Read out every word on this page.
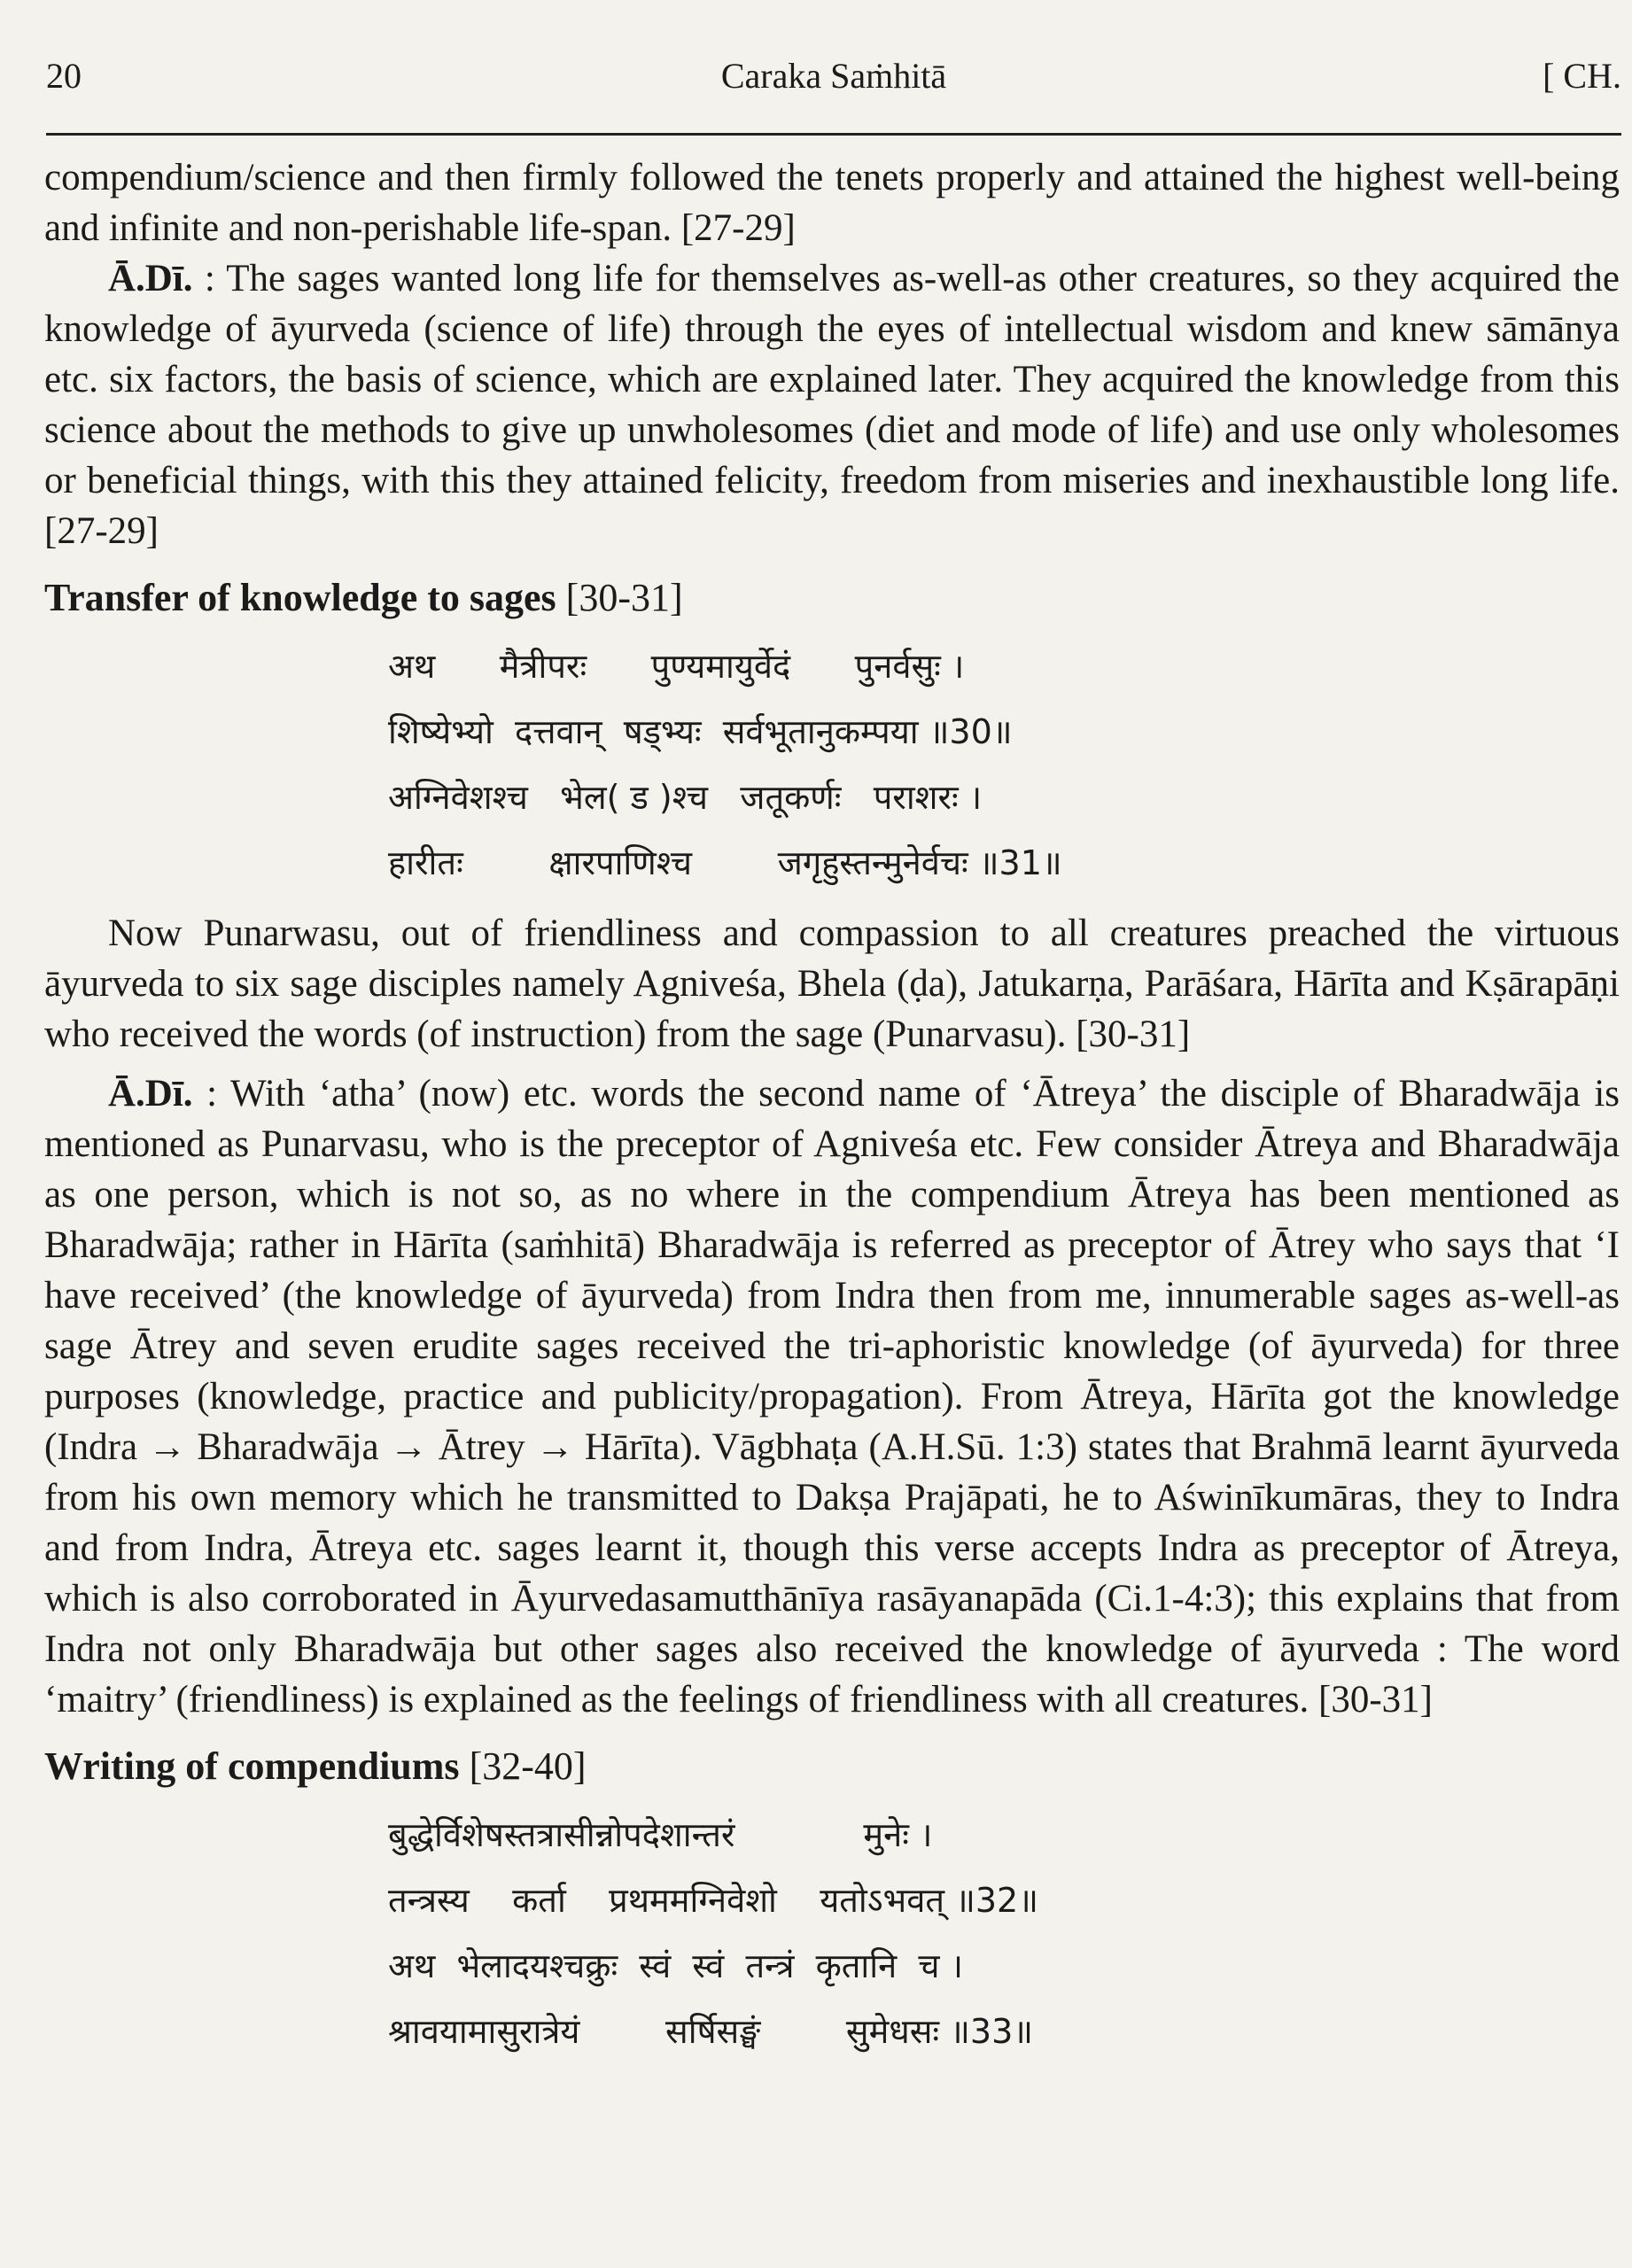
20	Caraka Saṁhitā	[ CH.

compendium/science and then firmly followed the tenets properly and attained the highest well-being and infinite and non-perishable life-span. [27-29]

Ā.Dī. : The sages wanted long life for themselves as-well-as other creatures, so they acquired the knowledge of āyurveda (science of life) through the eyes of intellectual wisdom and knew sāmānya etc. six factors, the basis of science, which are explained later. They acquired the knowledge from this science about the methods to give up unwholesomes (diet and mode of life) and use only wholesomes or beneficial things, with this they attained felicity, freedom from miseries and inexhaustible long life. [27-29]

Transfer of knowledge to sages [30-31]
अथ      मैत्रीपरः      पुण्यमायुर्वेदं      पुनर्वसुः ।
शिष्येभ्यो  दत्तवान्  षड्भ्यः  सर्वभूतानुकम्पया ॥30॥
अग्निवेशश्च   भेल( ड )श्च   जतूकर्णः   पराशरः ।
हारीतः        क्षारपाणिश्च        जगृहुस्तन्मुनेर्वचः ॥31॥

Now Punarwasu, out of friendliness and compassion to all creatures preached the virtuous āyurveda to six sage disciples namely Agniveśa, Bhela (ḍa), Jatukarṇa, Parāśara, Hārīta and Kṣārapāṇi who received the words (of instruction) from the sage (Punarvasu). [30-31]

Ā.Dī. : With ‘atha’ (now) etc. words the second name of ‘Ātreya’ the disciple of Bharadwāja is mentioned as Punarvasu, who is the preceptor of Agniveśa etc. Few consider Ātreya and Bharadwāja as one person, which is not so, as no where in the compendium Ātreya has been mentioned as Bharadwāja; rather in Hārīta (saṁhitā) Bharadwāja is referred as preceptor of Ātrey who says that ‘I have received’ (the knowledge of āyurveda) from Indra then from me, innumerable sages as-well-as sage Ātrey and seven erudite sages received the tri-aphoristic knowledge (of āyurveda) for three purposes (knowledge, practice and publicity/propagation). From Ātreya, Hārīta got the knowledge (Indra → Bharadwāja → Ātrey → Hārīta). Vāgbhaṭa (A.H.Sū. 1:3) states that Brahmā learnt āyurveda from his own memory which he transmitted to Dakṣa Prajāpati, he to Aświnīkumāras, they to Indra and from Indra, Ātreya etc. sages learnt it, though this verse accepts Indra as preceptor of Ātreya, which is also corroborated in Āyurvedasamutthānīya rasāyanapāda (Ci.1-4:3); this explains that from Indra not only Bharadwāja but other sages also received the knowledge of āyurveda : The word ‘maitry’ (friendliness) is explained as the feelings of friendliness with all creatures. [30-31]

Writing of compendiums [32-40]
बुद्धेर्विशेषस्तत्रासीन्नोपदेशान्तरं            मुनेः ।
तन्त्रस्य    कर्ता    प्रथममग्निवेशो    यतोऽभवत् ॥32॥
अथ  भेलादयश्चक्रुः  स्वं  स्वं  तन्त्रं  कृतानि  च ।
श्रावयामासुरात्रेयं        सर्षिसङ्घं        सुमेधसः ॥33॥
